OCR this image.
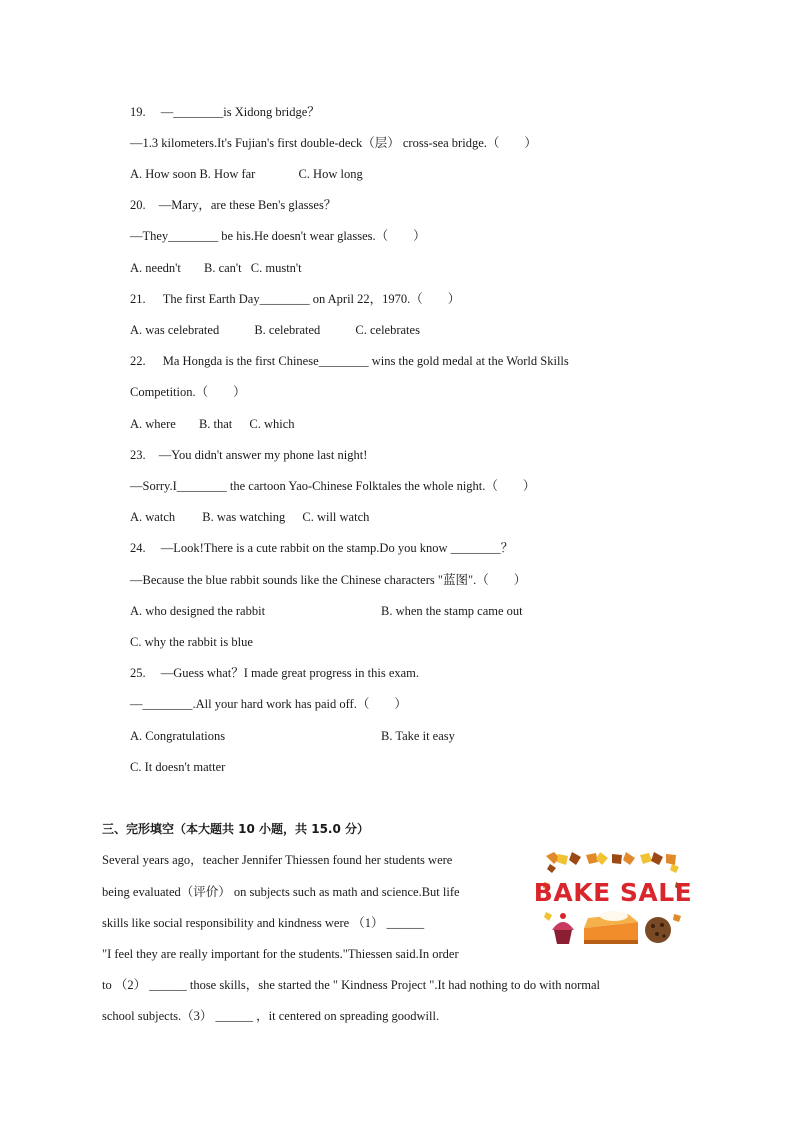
19. —________is Xidong bridge？
—1.3 kilometers.It's Fujian's first double-deck（层） cross-sea bridge.（　　）
A. How soon B. How far	C. How long
20. —Mary，are these Ben's glasses？
—They________ be his.He doesn't wear glasses.（　　）
A. needn't B. can't C. mustn't
21. The first Earth Day________ on April 22，1970.（　　）
A. was celebrated	B. celebrated	C. celebrates
22. Ma Hongda is the first Chinese________ wins the gold medal at the World Skills
Competition.（　　）
A. where B. that C. which
23. —You didn't answer my phone last night!
—Sorry.I________ the cartoon Yao-Chinese Folktales the whole night.（　　）
A. watch B. was watching C. will watch
24. —Look!There is a cute rabbit on the stamp.Do you know ________？
—Because the blue rabbit sounds like the Chinese characters "蓝图".（　　）
A. who designed the rabbit	B. when the stamp came out
C. why the rabbit is blue
25. —Guess what？I made great progress in this exam.
—________.All your hard work has paid off.（　　）
A. Congratulations	B. Take it easy
C. It doesn't matter
三、完形填空（本大题共 10 小题，共 15.0 分）
Several years ago，teacher Jennifer Thiessen found her students were
being evaluated（评价） on subjects such as math and science.But life
skills like social responsibility and kindness were （1） ______
"I feel they are really important for the students."Thiessen said.In order
to （2） ______ those skills，she started the " Kindness Project ".It had nothing to do with normal
school subjects.（3） ______ ，it centered on spreading goodwill.
BAKE SALE
